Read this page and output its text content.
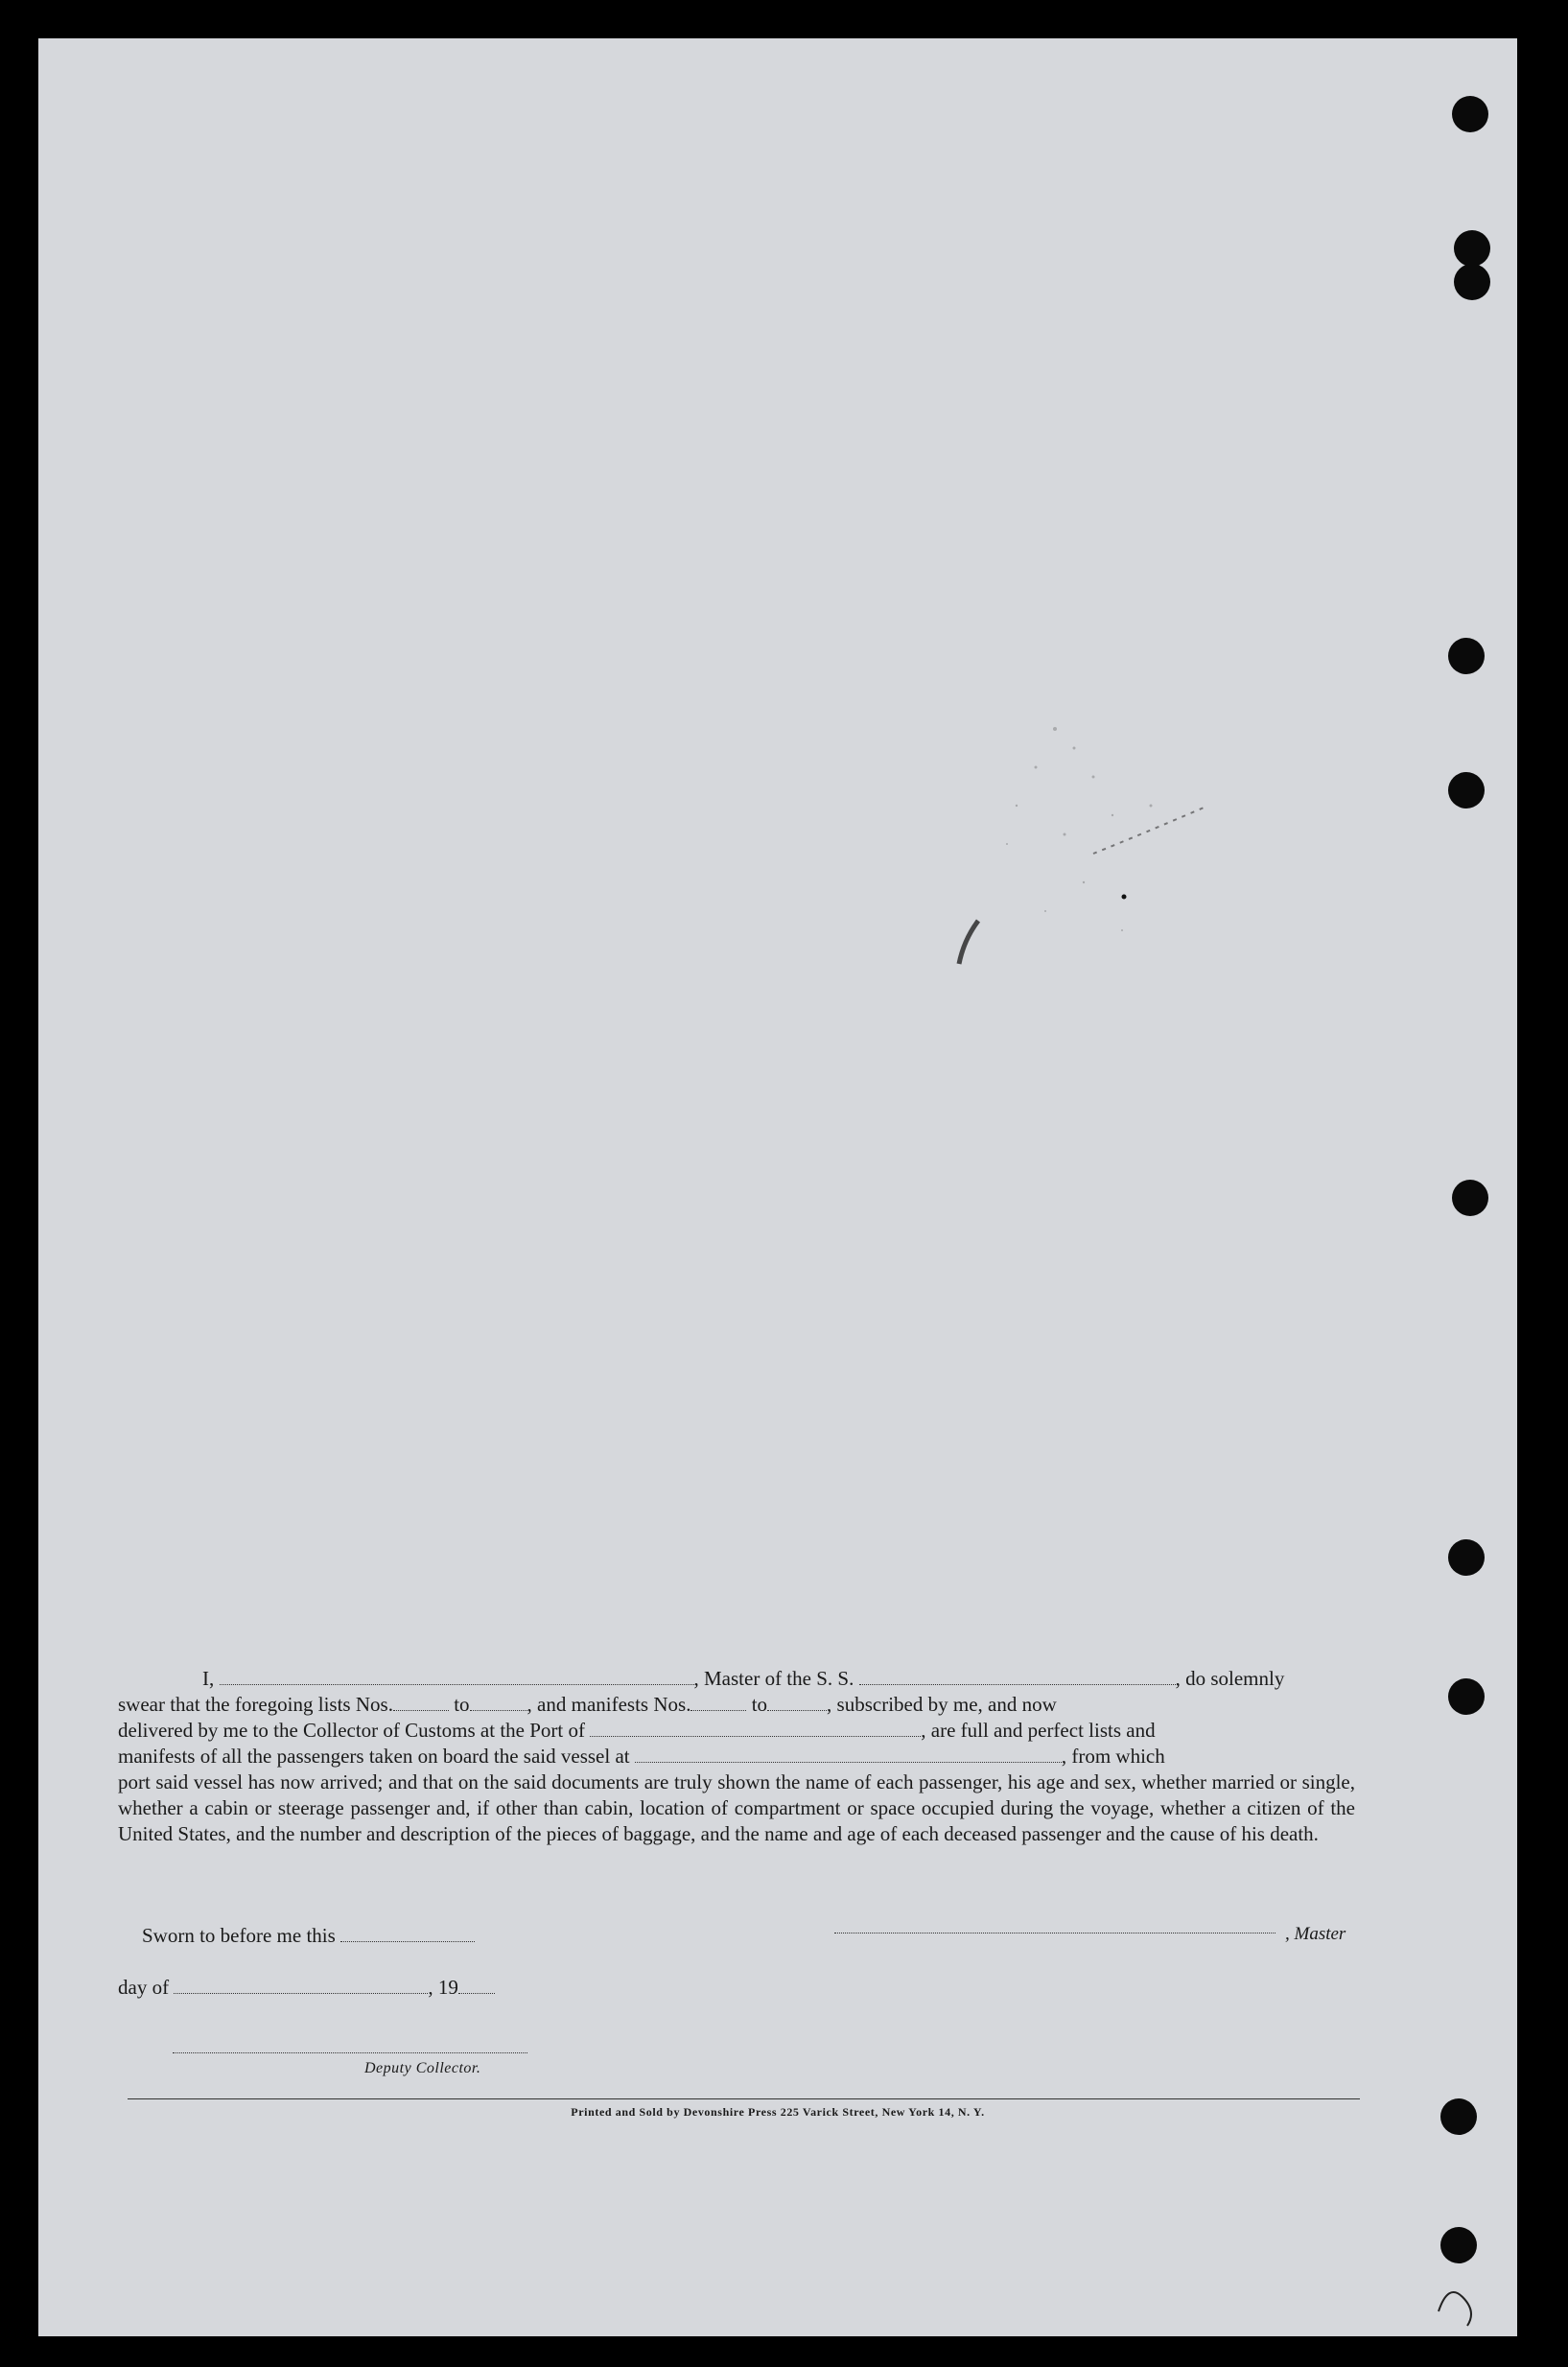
I,	, Master of the S. S.	, do solemnly
swear that the foregoing lists Nos.	to	, and manifests Nos.	to	, subscribed by me, and now
delivered by me to the Collector of Customs at the Port of	, are full and perfect lists and
manifests of all the passengers taken on board the said vessel at	, from which
port said vessel has now arrived; and that on the said documents are truly shown the name of each passenger, his age and sex, whether married or single, whether a cabin or steerage passenger and, if other than cabin, location of compartment or space occupied during the voyage, whether a citizen of the United States, and the number and description of the pieces of baggage, and the name and age of each deceased passenger and the cause of his death.
Sworn to before me this	, Master
day of	, 19
Deputy Collector.
Printed and Sold by Devonshire Press 225 Varick Street, New York 14, N. Y.
